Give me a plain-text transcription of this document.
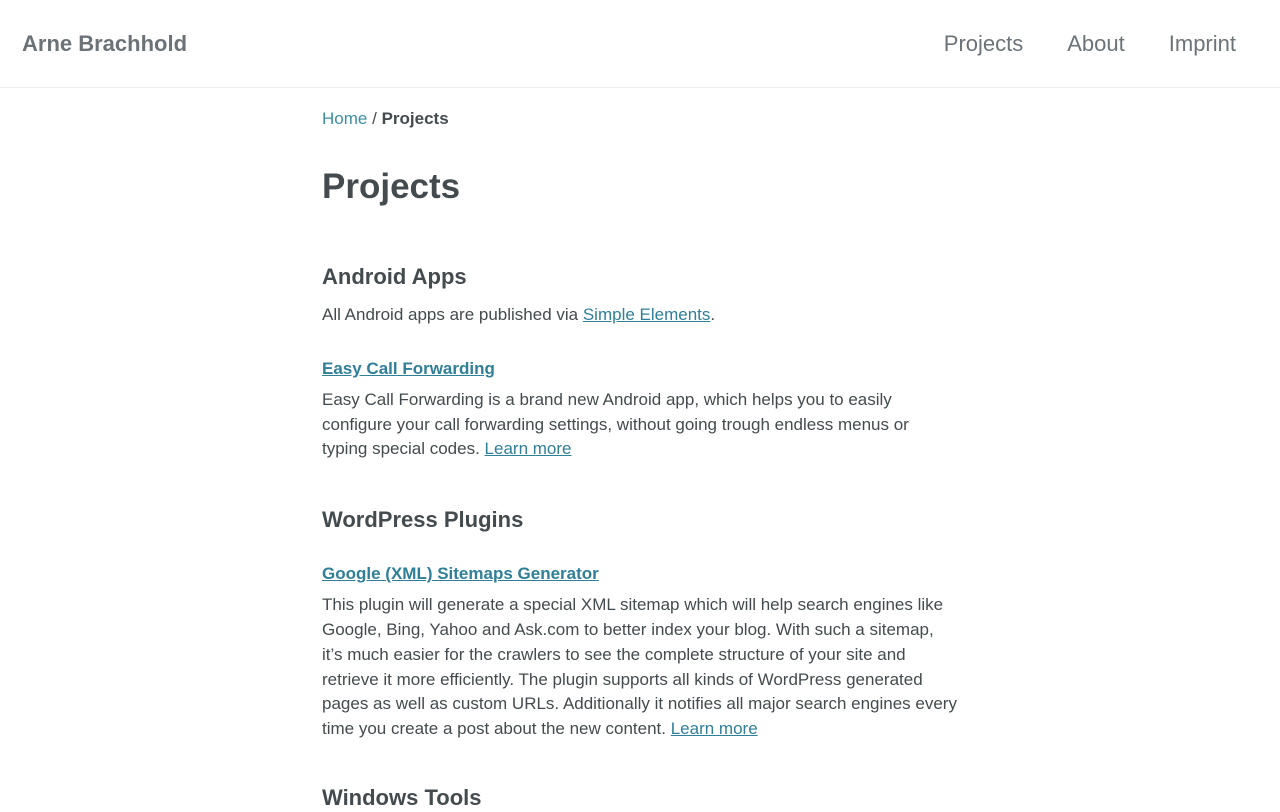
Arne Brachhold	Projects About Imprint
Home / Projects
Projects
Android Apps

All Android apps are published via Simple Elements.

Easy Call Forwarding

Easy Call Forwarding is a brand new Android app, which helps you to easily configure your call forwarding settings, without going trough endless menus or typing special codes. Learn more

WordPress Plugins
Google (XML) Sitemaps Generator

This plugin will generate a special XML sitemap which will help search engines like Google, Bing, Yahoo and Ask.com to better index your blog. With such a sitemap, it’s much easier for the crawlers to see the complete structure of your site and retrieve it more efficiently. The plugin supports all kinds of WordPress generated pages as well as custom URLs. Additionally it notifies all major search engines every time you create a post about the new content. Learn more

Windows Tools
